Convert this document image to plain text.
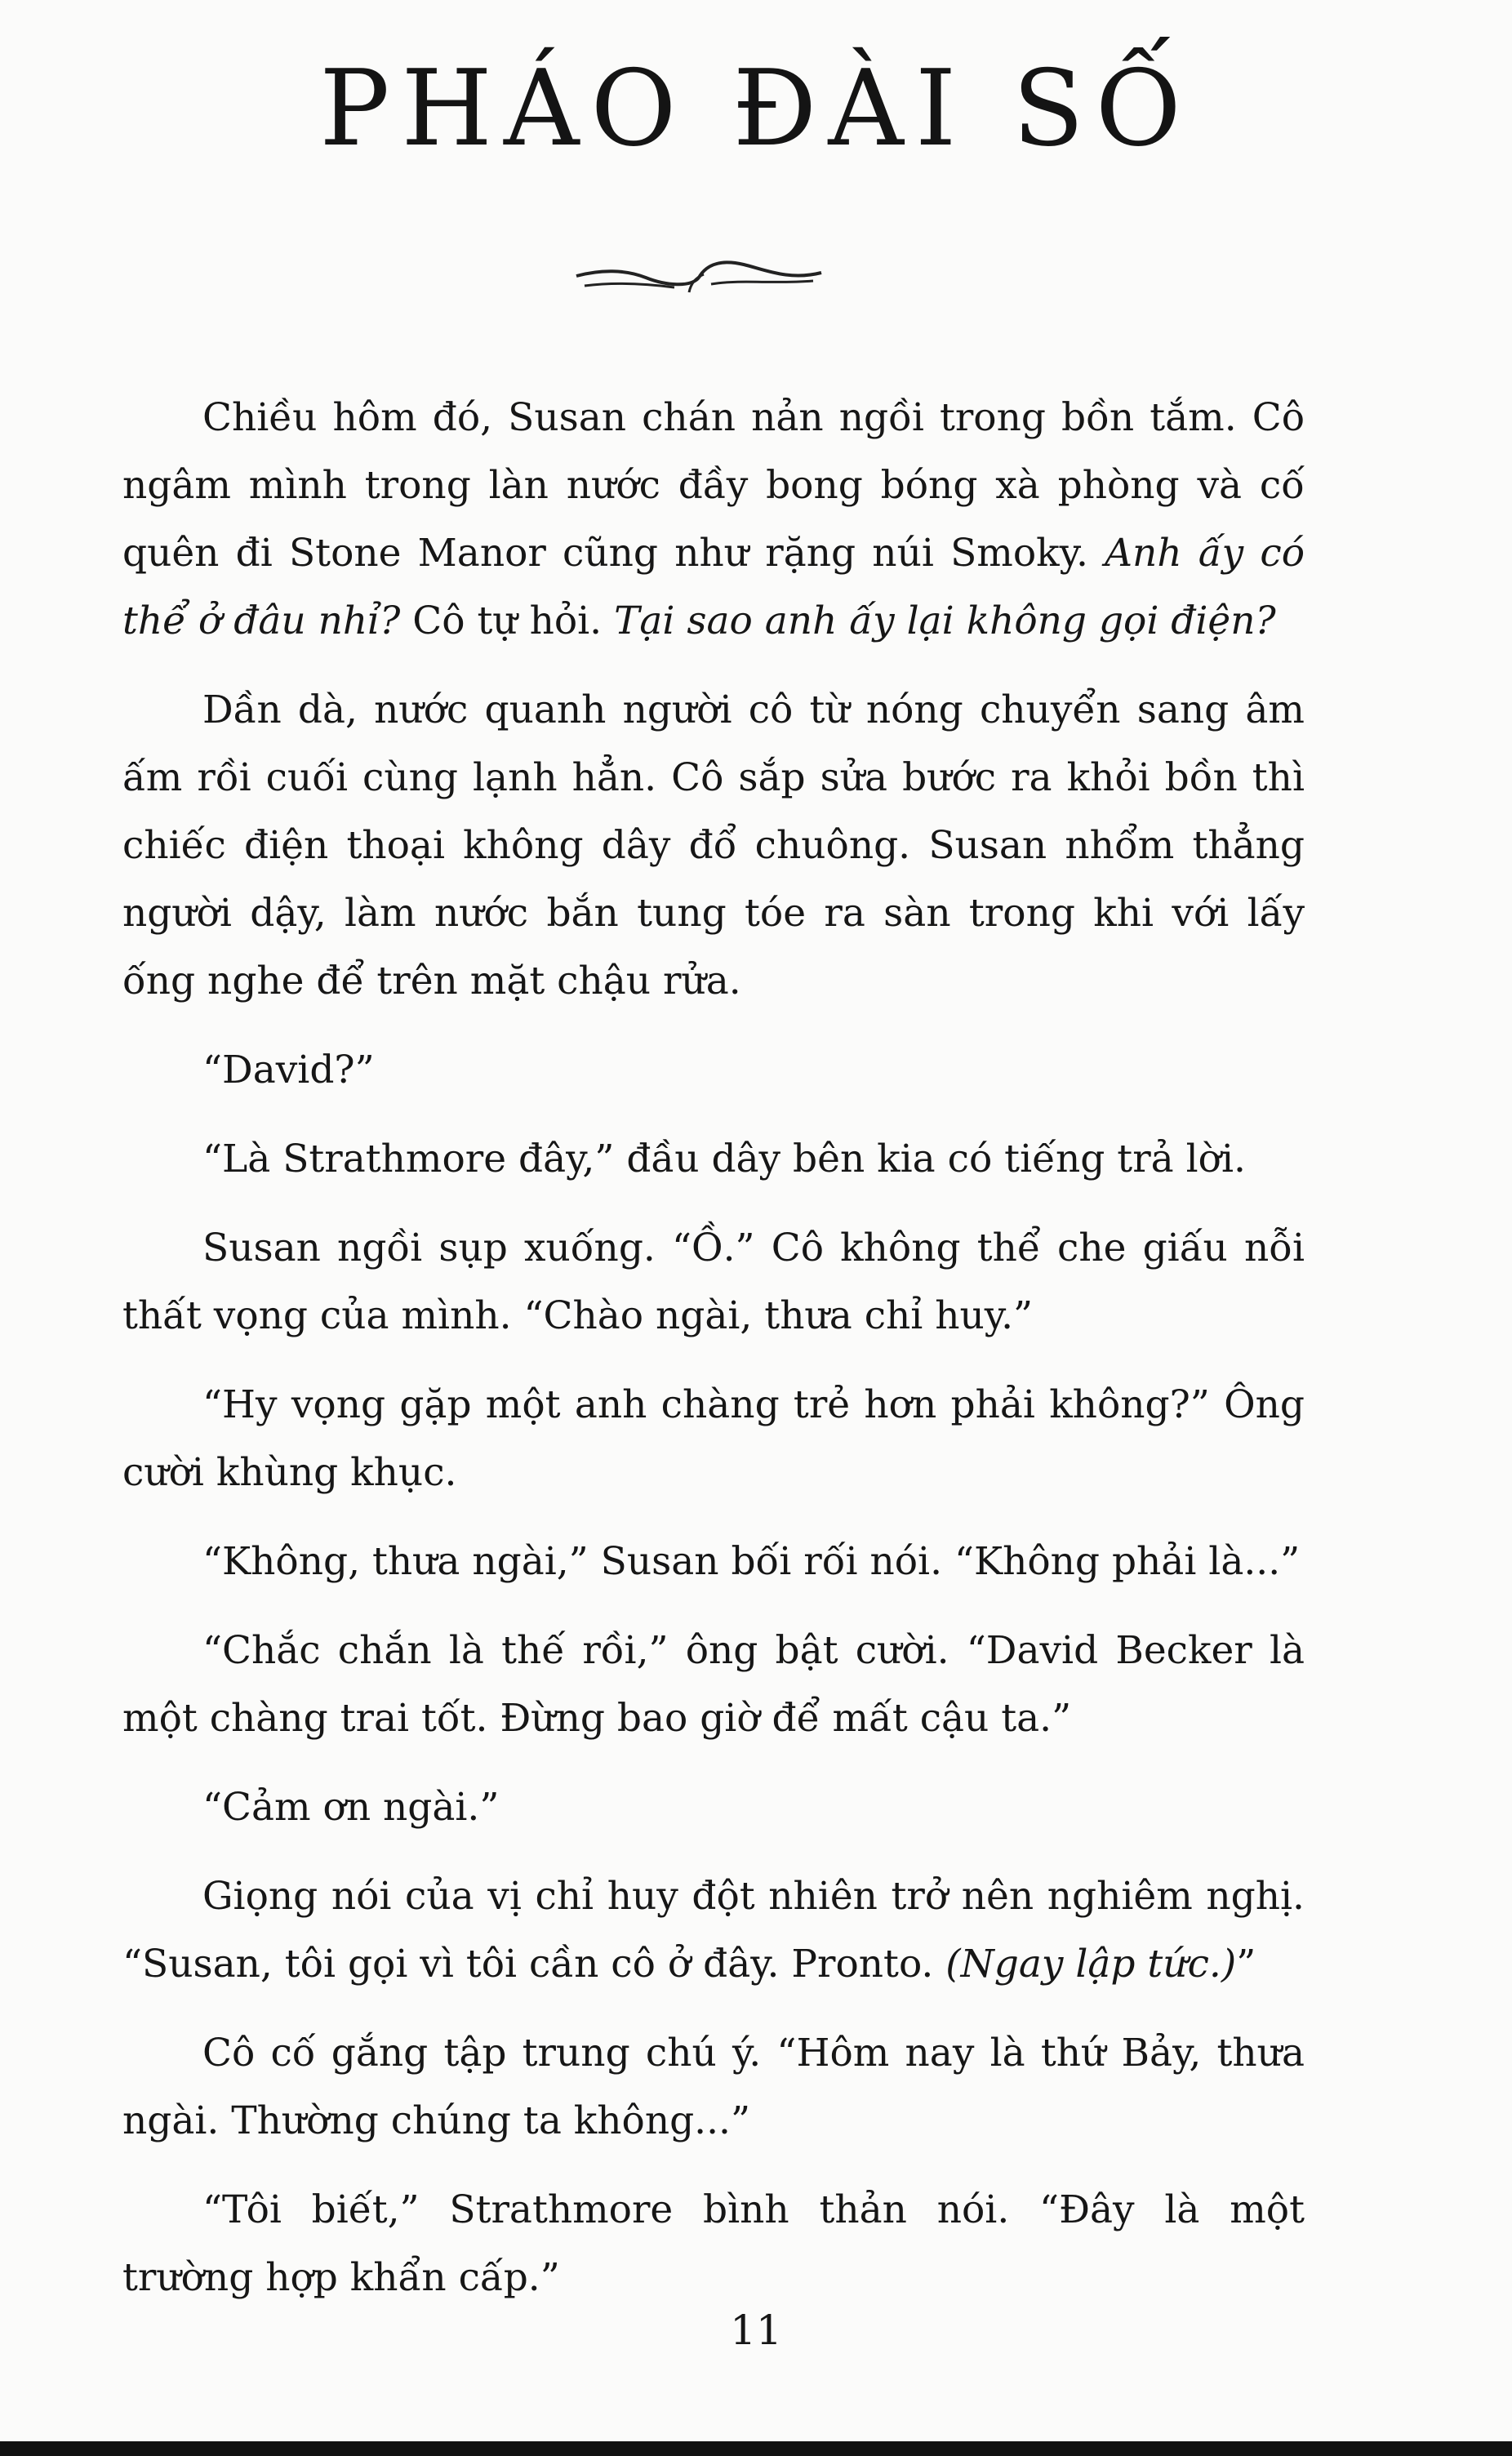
PHÁO ĐÀI SỐ

Chiều hôm đó, Susan chán nản ngồi trong bồn tắm. Cô ngâm mình trong làn nước đầy bong bóng xà phòng và cố quên đi Stone Manor cũng như rặng núi Smoky. Anh ấy có thể ở đâu nhỉ? Cô tự hỏi. Tại sao anh ấy lại không gọi điện?

Dần dà, nước quanh người cô từ nóng chuyển sang âm ấm rồi cuối cùng lạnh hẳn. Cô sắp sửa bước ra khỏi bồn thì chiếc điện thoại không dây đổ chuông. Susan nhổm thẳng người dậy, làm nước bắn tung tóe ra sàn trong khi với lấy ống nghe để trên mặt chậu rửa.

“David?”

“Là Strathmore đây,” đầu dây bên kia có tiếng trả lời.

Susan ngồi sụp xuống. “Ồ.” Cô không thể che giấu nỗi thất vọng của mình. “Chào ngài, thưa chỉ huy.”

“Hy vọng gặp một anh chàng trẻ hơn phải không?” Ông cười khùng khục.

“Không, thưa ngài,” Susan bối rối nói. “Không phải là...”

“Chắc chắn là thế rồi,” ông bật cười. “David Becker là một chàng trai tốt. Đừng bao giờ để mất cậu ta.”

“Cảm ơn ngài.”

Giọng nói của vị chỉ huy đột nhiên trở nên nghiêm nghị. “Susan, tôi gọi vì tôi cần cô ở đây. Pronto. (Ngay lập tức.)”

Cô cố gắng tập trung chú ý. “Hôm nay là thứ Bảy, thưa ngài. Thường chúng ta không...”

“Tôi biết,” Strathmore bình thản nói. “Đây là một trường hợp khẩn cấp.”

11
